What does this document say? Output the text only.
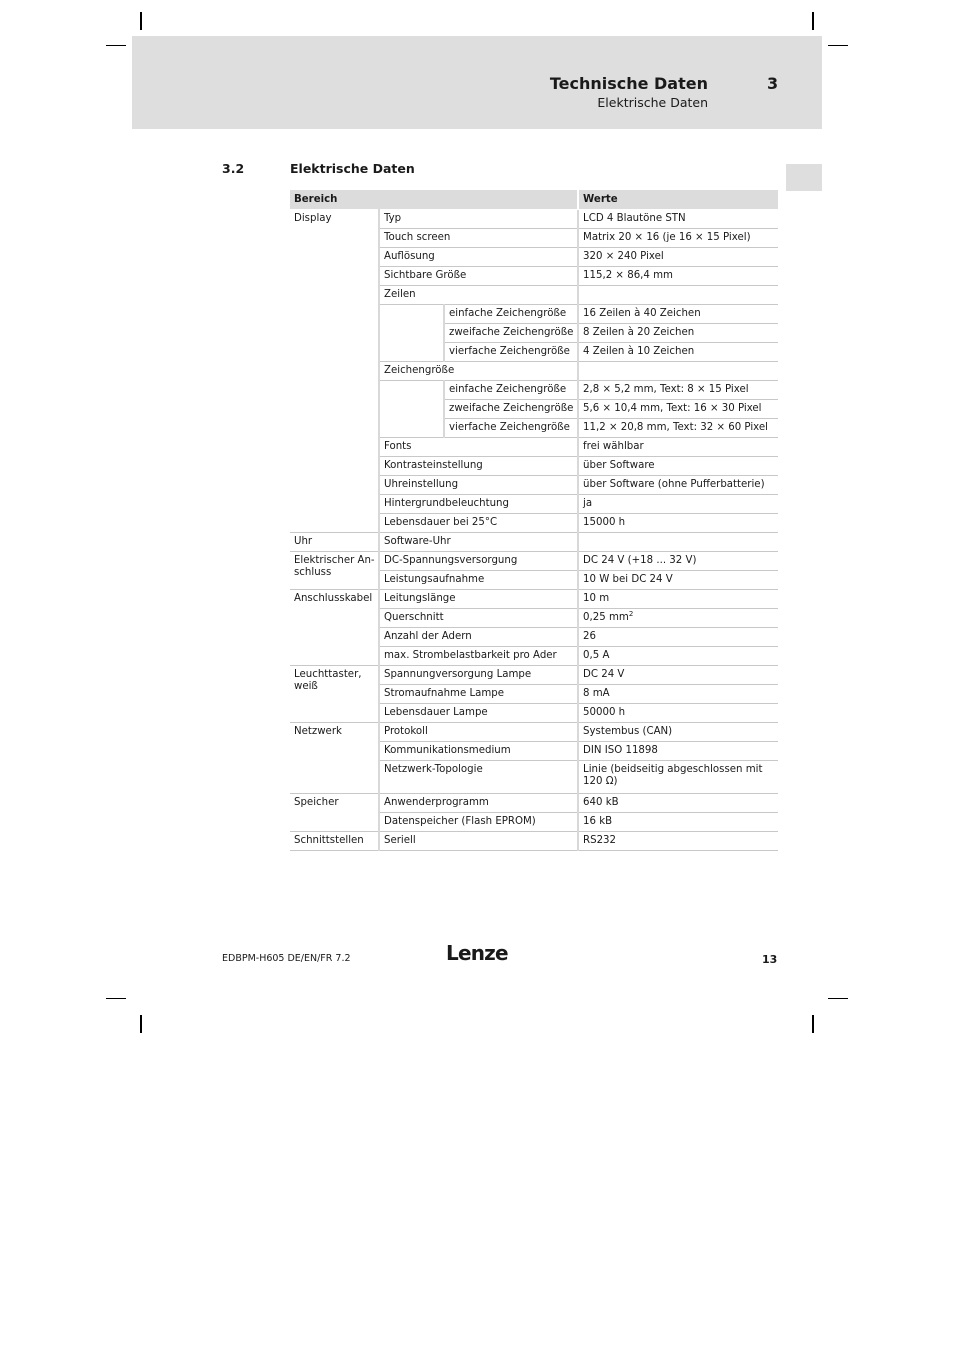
Technische Daten
Elektrische Daten
3
3.2	Elektrische Daten
Bereich			Werte
Display	Typ		LCD 4 Blautöne STN
	Touch screen		Matrix 20 × 16 (je 16 × 15 Pixel)
	Auflösung		320 × 240 Pixel
	Sichtbare Größe		115,2 × 86,4 mm
	Zeilen		
		einfache Zeichengröße	16 Zeilen à 40 Zeichen
		zweifache Zeichengröße	8 Zeilen à 20 Zeichen
		vierfache Zeichengröße	4 Zeilen à 10 Zeichen
	Zeichengröße		
		einfache Zeichengröße	2,8 × 5,2 mm, Text: 8 × 15 Pixel
		zweifache Zeichengröße	5,6 × 10,4 mm, Text: 16 × 30 Pixel
		vierfache Zeichengröße	11,2 × 20,8 mm, Text: 32 × 60 Pixel
	Fonts		frei wählbar
	Kontrasteinstellung		über Software
	Uhreinstellung		über Software (ohne Pufferbatterie)
	Hintergrundbeleuchtung		ja
	Lebensdauer bei 25°C		15000 h
Uhr	Software-Uhr		
Elektrischer An- schluss	DC-Spannungsversorgung		DC 24 V (+18 ... 32 V)
	Leistungsaufnahme		10 W bei DC 24 V
Anschlusskabel	Leitungslänge		10 m
	Querschnitt		0,25 $mm^2$
	Anzahl der Adern		26
	max. Strombelastbarkeit pro Ader		0,5 A
Leuchttaster, weiß	Spannungversorgung Lampe		DC 24 V
	Stromaufnahme Lampe		8 mA
	Lebensdauer Lampe		50000 h
Netzwerk	Protokoll		Systembus (CAN)
	Kommunikationsmedium		DIN ISO 11898
	Netzwerk-Topologie		Linie (beidseitig abgeschlossen mit 120 Ω)
Speicher	Anwenderprogramm		640 kB
	Datenspeicher (Flash EPROM)		16 kB
Schnittstellen	Seriell		RS232
EDBPM-H605 DE/EN/FR 7.2	Lenze	13
